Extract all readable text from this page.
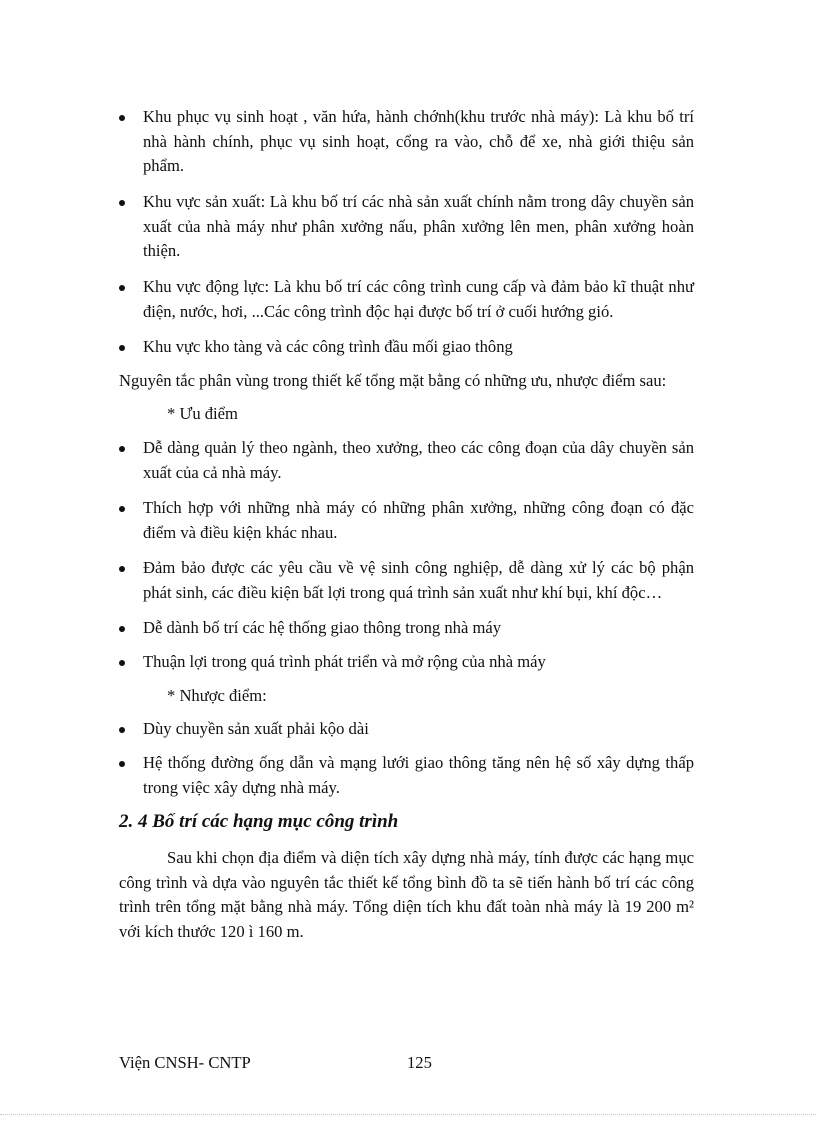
Khu phục vụ sinh hoạt , văn hứa, hành chớnh(khu trước nhà máy): Là khu bố trí nhà hành chính, phục vụ sinh hoạt, cổng ra vào, chỗ để xe, nhà giới thiệu sản phẩm.
Khu vực sản xuất: Là khu bố trí các nhà sản xuất chính nằm trong dây chuyền sản xuất của nhà máy như phân xưởng nấu, phân xưởng lên men, phân xưởng hoàn thiện.
Khu vực động lực: Là khu bố trí các công trình cung cấp và đảm bảo kĩ thuật như điện, nước, hơi, ...Các công trình độc hại được bố trí ở cuối hướng gió.
Khu vực kho tàng và các công trình đầu mối giao thông

Nguyên tắc phân vùng trong thiết kế tổng mặt bằng có những ưu, nhược điểm sau:

* Ưu điểm

Dễ dàng quản lý theo ngành, theo xưởng, theo các công đoạn của dây chuyền sản xuất của cả nhà máy.
Thích hợp với những nhà máy có những phân xưởng, những công đoạn có đặc điểm và điều kiện khác nhau.
Đảm bảo được các yêu cầu về vệ sinh công nghiệp, dễ dàng xử lý các bộ phận phát sinh, các điều kiện bất lợi trong quá trình sản xuất như khí bụi, khí độc…
Dễ dành bố trí các hệ thống giao thông trong nhà máy
Thuận lợi trong quá trình phát triển và mở rộng của nhà máy

* Nhược điểm:

Dùy chuyền sản xuất phải kộo dài
Hệ thống đường ống dẫn và mạng lưới giao thông tăng nên hệ số xây dựng thấp trong việc xây dựng nhà máy.
2. 4 Bố trí các hạng mục công trình

Sau khi chọn địa điểm và diện tích xây dựng nhà máy, tính được các hạng mục công trình và dựa vào nguyên tắc thiết kế tổng bình đồ ta sẽ tiến hành bố trí các công trình trên tổng mặt bằng nhà máy. Tổng diện tích khu đất toàn nhà máy là 19 200 m² với kích thước 120 ì 160 m.

Viện CNSH- CNTP	125
